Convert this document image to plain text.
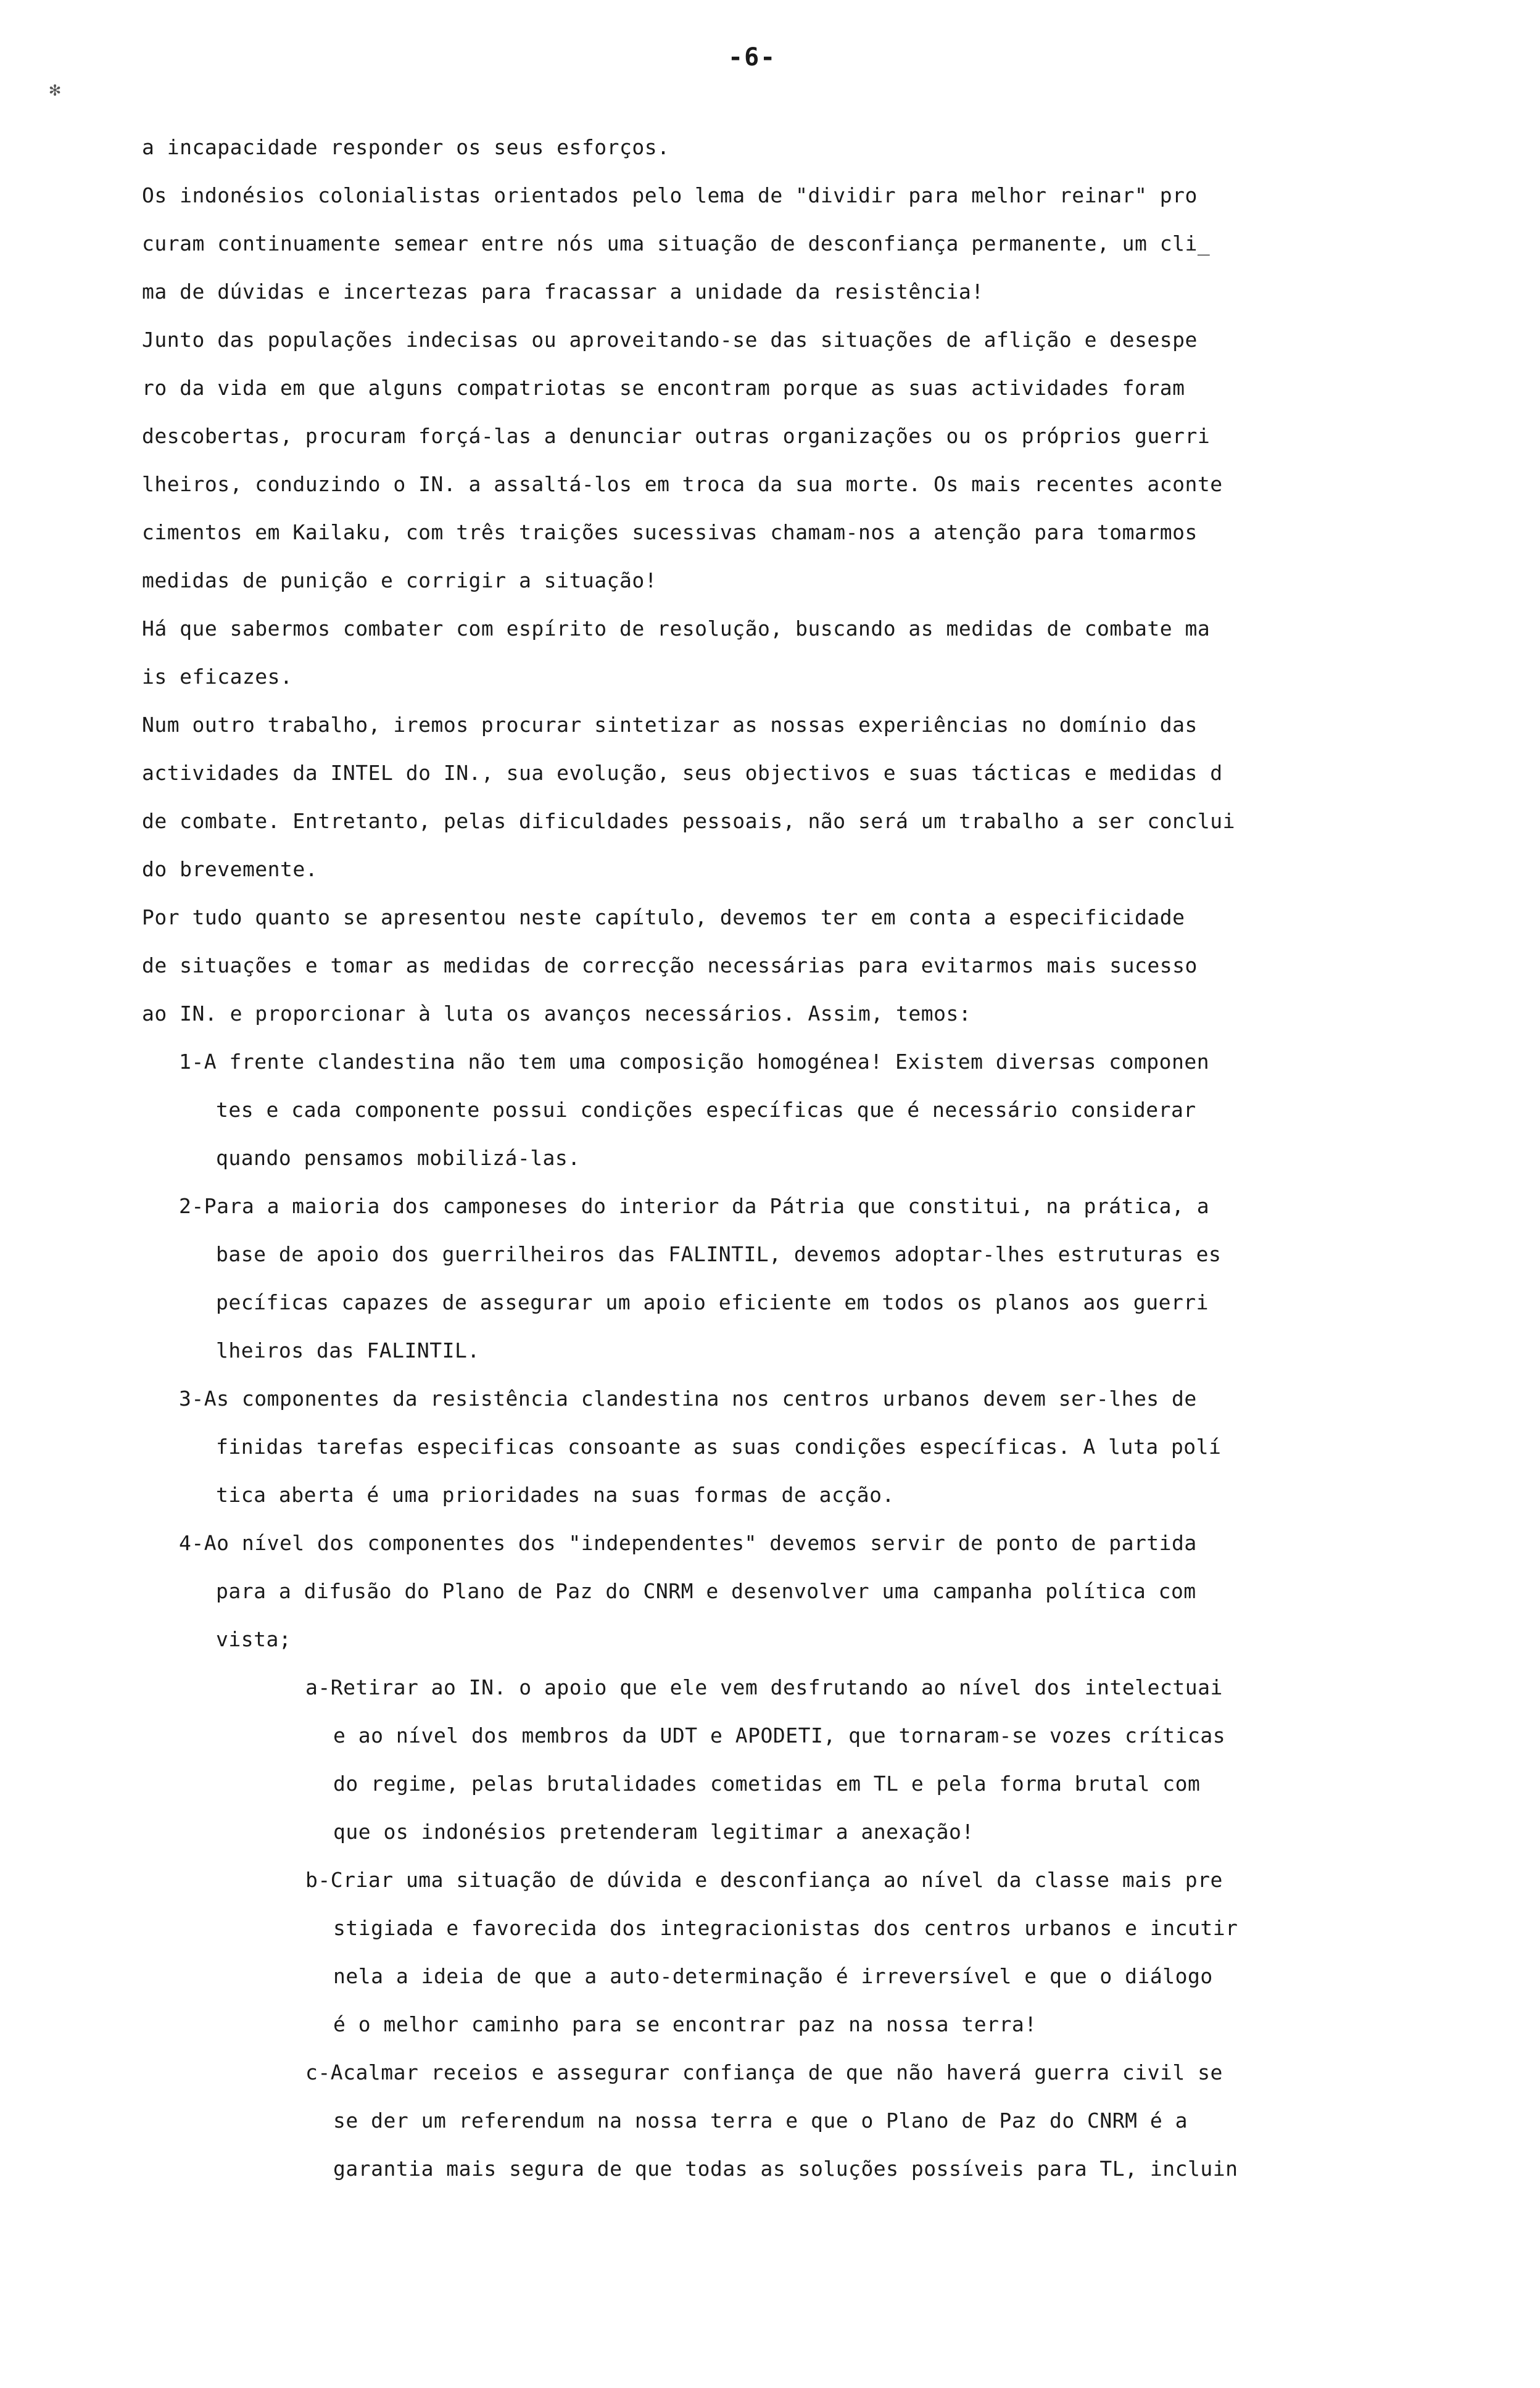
✻
-6-
a incapacidade responder os seus esforços.
Os indonésios colonialistas orientados pelo lema de "dividir para melhor reinar" pro
curam continuamente semear entre nós uma situação de desconfiança permanente, um cli_
ma de dúvidas e incertezas para fracassar a unidade da resistência!
Junto das populações indecisas ou aproveitando-se das situações de aflição e desespe
ro da vida em que alguns compatriotas se encontram porque as suas actividades foram
descobertas, procuram forçá-las a denunciar outras organizações ou os próprios guerri
lheiros, conduzindo o IN. a assaltá-los em troca da sua morte. Os mais recentes aconte
cimentos em Kailaku, com três traições sucessivas chamam-nos a atenção para tomarmos
medidas de punição e corrigir a situação!
Há que sabermos combater com espírito de resolução, buscando as medidas de combate ma
is eficazes.
Num outro trabalho, iremos procurar sintetizar as nossas experiências no domínio das
actividades da INTEL do IN., sua evolução, seus objectivos e suas tácticas e medidas d
de combate. Entretanto, pelas dificuldades pessoais, não será um trabalho a ser conclui
do brevemente.
Por tudo quanto se apresentou neste capítulo, devemos ter em conta a especificidade
de situações e tomar as medidas de correcção necessárias para evitarmos mais sucesso
ao IN. e proporcionar à luta os avanços necessários. Assim, temos:
1-A frente clandestina não tem uma composição homogénea! Existem diversas componen
tes e cada componente possui condições específicas que é necessário considerar
quando pensamos mobilizá-las.
2-Para a maioria dos camponeses do interior da Pátria que constitui, na prática, a
base de apoio dos guerrilheiros das FALINTIL, devemos adoptar-lhes estruturas es
pecíficas capazes de assegurar um apoio eficiente em todos os planos aos guerri
lheiros das FALINTIL.
3-As componentes da resistência clandestina nos centros urbanos devem ser-lhes de
finidas tarefas especificas consoante as suas condições específicas. A luta polí
tica aberta é uma prioridades na suas formas de acção.
4-Ao nível dos componentes dos "independentes" devemos servir de ponto de partida
para a difusão do Plano de Paz do CNRM e desenvolver uma campanha política com
vista;
a-Retirar ao IN. o apoio que ele vem desfrutando ao nível dos intelectuai
e ao nível dos membros da UDT e APODETI, que tornaram-se vozes críticas
do regime, pelas brutalidades cometidas em TL e pela forma brutal com
que os indonésios pretenderam legitimar a anexação!
b-Criar uma situação de dúvida e desconfiança ao nível da classe mais pre
stigiada e favorecida dos integracionistas dos centros urbanos e incutir
nela a ideia de que a auto-determinação é irreversível e que o diálogo
é o melhor caminho para se encontrar paz na nossa terra!
c-Acalmar receios e assegurar confiança de que não haverá guerra civil se
se der um referendum na nossa terra e que o Plano de Paz do CNRM é a
garantia mais segura de que todas as soluções possíveis para TL, incluin
